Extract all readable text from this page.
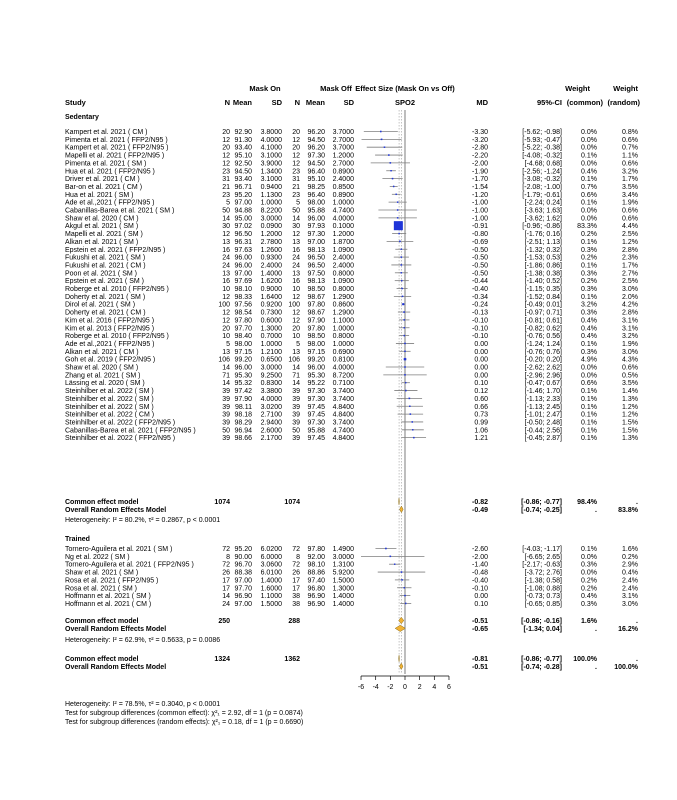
Mask On	Mask Off Effect Size (Mask On vs Off)	Weight	Weight
Study	N Mean	SD N Mean SD	SPO2	MD	95%-CI (common) (random)
-6 -4 -2 0 2 4 6
Sedentary
Kampert et al. 2021 ( CM )	20 92.90 3.8000 20 96.20 3.7000	-3.30	[-5.62; -0.98]	0.0%	0.8%
Pimenta et al. 2021 ( FFP2/N95 )	12 91.30 4.0000 12 94.50 2.7000	-3.20	[-5.93; -0.47]	0.0%	0.6%
Kampert et al. 2021 ( FFP2/N95 )	20 93.40 4.1000 20 96.20 3.7000	-2.80	[-5.22; -0.38]	0.0%	0.7%
Mapelli et al. 2021 ( FFP2/N95 )	12 95.10 3.1000 12 97.30 1.2000	-2.20	[-4.08; -0.32]	0.1%	1.1%
Pimenta et al. 2021 ( SM )	12 92.50 3.9000 12 94.50 2.7000	-2.00	[-4.68; 0.68]	0.0%	0.6%
Hua et al. 2021 ( FFP2/N95 )	23 94.50 1.3400 23 96.40 0.8900	-1.90	[-2.56; -1.24]	0.4%	3.2%
Driver et al. 2021 ( CM )	31 93.40 3.1000 31 95.10 2.4000	-1.70	[-3.08; -0.32]	0.1%	1.7%
Bar-on et al. 2021 ( CM )	21 96.71 0.9400 21 98.25 0.8500	-1.54	[-2.08; -1.00]	0.7%	3.5%
Hua et al. 2021 ( SM )	23 95.20 1.1300 23 96.40 0.8900	-1.20	[-1.79; -0.61]	0.6%	3.4%
Ade et al.,2021 ( FFP2/N95 )	5 97.00 1.0000 5 98.00 1.0000	-1.00	[-2.24; 0.24]	0.1%	1.9%
Cabanillas-Barea et al. 2021 ( SM )	50 94.88 8.2200 50 95.88 4.7400	-1.00	[-3.63; 1.63]	0.0%	0.6%
Shaw et al. 2020 ( CM )	14 95.00 3.0000 14 96.00 4.0000	-1.00	[-3.62; 1.62]	0.0%	0.6%
Akgul et al. 2021 ( SM )	30 97.02 0.0900 30 97.93 0.1000	-0.91	[-0.96; -0.86] 83.3%	4.4%
Mapelli et al. 2021 ( SM )	12 96.50 1.2000 12 97.30 1.2000	-0.80	[-1.76; 0.16]	0.2%	2.5%
Alkan et al. 2021 ( SM )	13 96.31 2.7800 13 97.00 1.8700	-0.69	[-2.51; 1.13]	0.1%	1.2%
Epstein et al. 2021 ( FFP2/N95 )	16 97.63 1.2600 16 98.13 1.0900	-0.50	[-1.32; 0.32]	0.3%	2.8%
Fukushi et al. 2021 ( SM )	24 96.00 0.9300 24 96.50 2.4000	-0.50	[-1.53; 0.53]	0.2%	2.3%
Fukushi et al. 2021 ( CM )	24 96.00 2.4000 24 96.50 2.4000	-0.50	[-1.86; 0.86]	0.1%	1.7%
Poon et al. 2021 ( SM )	13 97.00 1.4000 13 97.50 0.8000	-0.50	[-1.38; 0.38]	0.3%	2.7%
Epstein et al. 2021 ( SM )	16 97.69 1.6200 16 98.13 1.0900	-0.44	[-1.40; 0.52]	0.2%	2.5%
Roberge et al. 2010 ( FFP2/N95 )	10 98.10 0.9000 10 98.50 0.8000	-0.40	[-1.15; 0.35]	0.3%	3.0%
Doherty et al. 2021 ( SM )	12 98.33 1.6400 12 98.67 1.2900	-0.34	[-1.52; 0.84]	0.1%	2.0%
Dirol et al. 2021 ( SM )	100 97.56 0.9200 100 97.80 0.8600	-0.24	[-0.49; 0.01]	3.2%	4.2%
Doherty et al. 2021 ( CM )	12 98.54 0.7300 12 98.67 1.2900	-0.13	[-0.97; 0.71]	0.3%	2.8%
Kim et al. 2016 ( FFP2/N95 )	12 97.80 0.6000 12 97.90 1.1000	-0.10	[-0.81; 0.61]	0.4%	3.1%
Kim et al. 2013 ( FFP2/N95 )	20 97.70 1.3000 20 97.80 1.0000	-0.10	[-0.82; 0.62]	0.4%	3.1%
Roberge et al. 2010 ( FFP2/N95 )	10 98.40 0.7000 10 98.50 0.8000	-0.10	[-0.76; 0.56]	0.4%	3.2%
Ade et al.,2021 ( FFP2/N95 )	5 98.00 1.0000 5 98.00 1.0000	0.00	[-1.24; 1.24]	0.1%	1.9%
Alkan et al. 2021 ( CM )	13 97.15 1.2100 13 97.15 0.6900	0.00	[-0.76; 0.76]	0.3%	3.0%
Goh et al. 2019 ( FFP2/N95 )	106 99.20 0.6500 106 99.20 0.8100	0.00	[-0.20; 0.20]	4.9%	4.3%
Shaw et al. 2020 ( SM )	14 96.00 3.0000 14 96.00 4.0000	0.00	[-2.62; 2.62]	0.0%	0.6%
Zhang et al. 2021 ( SM )	71 95.30 9.2500 71 95.30 8.7200	0.00	[-2.96; 2.96]	0.0%	0.5%
Lässing et al. 2020 ( SM )	14 95.32 0.8300 14 95.22 0.7100	0.10	[-0.47; 0.67]	0.6%	3.5%
Steinhilber et al. 2022 ( SM )	39 97.42 3.3800 39 97.30 3.7400	0.12	[-1.46; 1.70]	0.1%	1.4%
Steinhilber et al. 2022 ( SM )	39 97.90 4.0000 39 97.30 3.7400	0.60	[-1.13; 2.33]	0.1%	1.3%
Steinhilber et al. 2022 ( SM )	39 98.11 3.0200 39 97.45 4.8400	0.66	[-1.13; 2.45]	0.1%	1.2%
Steinhilber et al. 2022 ( CM )	39 98.18 2.7100 39 97.45 4.8400	0.73	[-1.01; 2.47]	0.1%	1.2%
Steinhilber et al. 2022 ( FFP2/N95 )	39 98.29 2.9400 39 97.30 3.7400	0.99	[-0.50; 2.48]	0.1%	1.5%
Cabanillas-Barea et al. 2021 ( FFP2/N95 )	50 96.94 2.6000 50 95.88 4.7400	1.06	[-0.44; 2.56]	0.1%	1.5%
Steinhilber et al. 2022 ( FFP2/N95 )	39 98.66 2.1700 39 97.45 4.8400	1.21	[-0.45; 2.87]	0.1%	1.3%
Common effect model	1074	1074	-0.82	[-0.86; -0.77] 98.4%	.
Overall Random Effects Model	-0.49	[-0.74; -0.25]	.	83.8%
Heterogeneity: I² = 80.2%, τ² = 0.2867, p < 0.0001
Trained
Tornero-Aguilera et al. 2021 ( SM )	72 95.20 6.0200 72 97.80 1.4900	-2.60	[-4.03; -1.17]	0.1%	1.6%
Ng et al. 2022 ( SM )	8 90.00 6.0000 8 92.00 3.0000	-2.00	[-6.65; 2.65]	0.0%	0.2%
Tornero-Aguilera et al. 2021 ( FFP2/N95 )	72 96.70 3.0600 72 98.10 1.3100	-1.40	[-2.17; -0.63]	0.3%	2.9%
Shaw et al. 2021 ( SM )	26 88.38 6.0100 26 88.86 5.9200	-0.48	[-3.72; 2.76]	0.0%	0.4%
Rosa et al. 2021 ( FFP2/N95 )	17 97.00 1.4000 17 97.40 1.5000	-0.40	[-1.38; 0.58]	0.2%	2.4%
Rosa et al. 2021 ( SM )	17 97.70 1.6000 17 96.80 1.3000	-0.10	[-1.08; 0.88]	0.2%	2.4%
Hoffmann et al. 2021 ( SM )	14 96.90 1.1000 38 96.90 1.4000	0.00	[-0.73; 0.73]	0.4%	3.1%
Hoffmann et al. 2021 ( CM )	24 97.00 1.5000 38 96.90 1.4000	0.10	[-0.65; 0.85]	0.3%	3.0%
Common effect model	250	288	-0.51	[-0.86; -0.16]	1.6%	.
Overall Random Effects Model	-0.65	[-1.34; 0.04]	.	16.2%
Heterogeneity: I² = 62.9%, τ² = 0.5633, p = 0.0086
Common effect model	1324	1362	-0.81	[-0.86; -0.77] 100.0%	.
Overall Random Effects Model	-0.51	[-0.74; -0.28]	. 100.0%
Heterogeneity: I² = 78.5%, τ² = 0.3040, p < 0.0001
Test for subgroup differences (common effect): χ²₁ = 2.92, df = 1 (p = 0.0874)
Test for subgroup differences (random effects): χ²₁ = 0.18, df = 1 (p = 0.6690)
